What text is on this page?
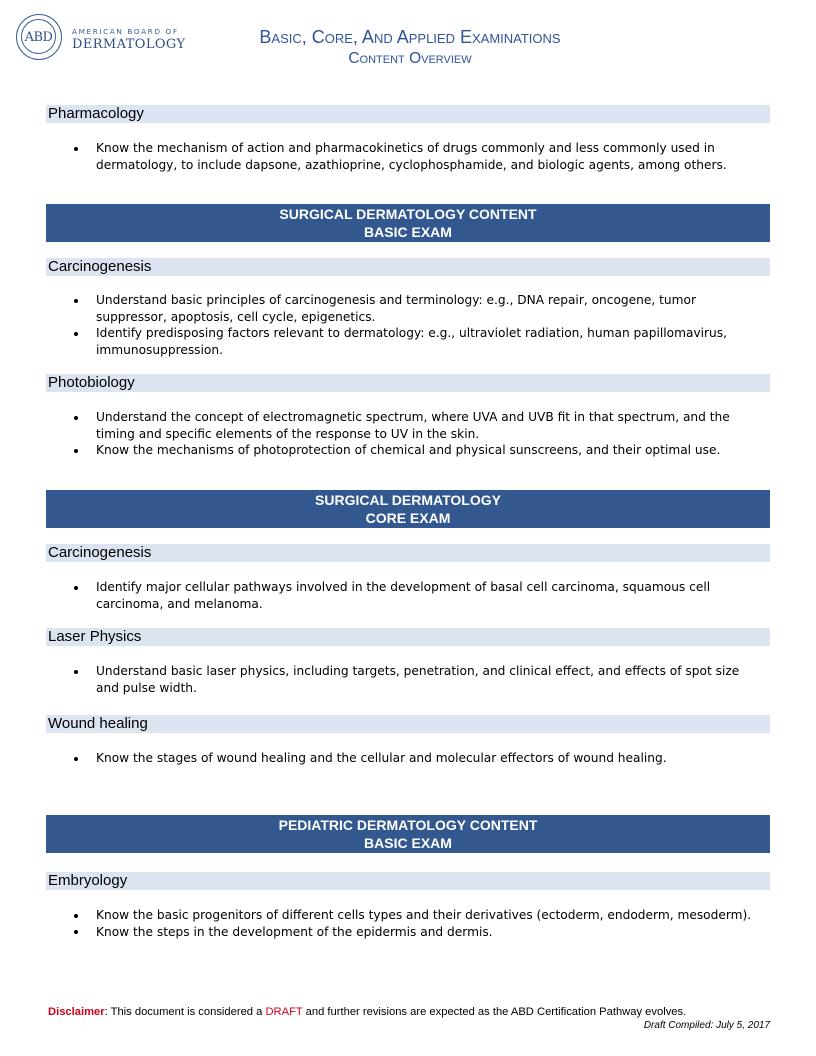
ABD	AMERICAN BOARD OF
DERMATOLOGY	Basic, Core, And Applied Examinations
Content Overview
Pharmacology
Know the mechanism of action and pharmacokinetics of drugs commonly and less commonly used in dermatology, to include dapsone, azathioprine, cyclophosphamide, and biologic agents, among others.
SURGICAL DERMATOLOGY CONTENT
BASIC EXAM
Carcinogenesis
Understand basic principles of carcinogenesis and terminology: e.g., DNA repair, oncogene, tumor suppressor, apoptosis, cell cycle, epigenetics.
Identify predisposing factors relevant to dermatology: e.g., ultraviolet radiation, human papillomavirus, immunosuppression.
Photobiology
Understand the concept of electromagnetic spectrum, where UVA and UVB fit in that spectrum, and the timing and specific elements of the response to UV in the skin.
Know the mechanisms of photoprotection of chemical and physical sunscreens, and their optimal use.
SURGICAL DERMATOLOGY
CORE EXAM
Carcinogenesis
Identify major cellular pathways involved in the development of basal cell carcinoma, squamous cell carcinoma, and melanoma.
Laser Physics
Understand basic laser physics, including targets, penetration, and clinical effect, and effects of spot size and pulse width.
Wound healing
Know the stages of wound healing and the cellular and molecular effectors of wound healing.
PEDIATRIC DERMATOLOGY CONTENT
BASIC EXAM
Embryology
Know the basic progenitors of different cells types and their derivatives (ectoderm, endoderm, mesoderm).
Know the steps in the development of the epidermis and dermis.
Disclaimer: This document is considered a DRAFT and further revisions are expected as the ABD Certification Pathway evolves.
Draft Compiled: July 5, 2017
